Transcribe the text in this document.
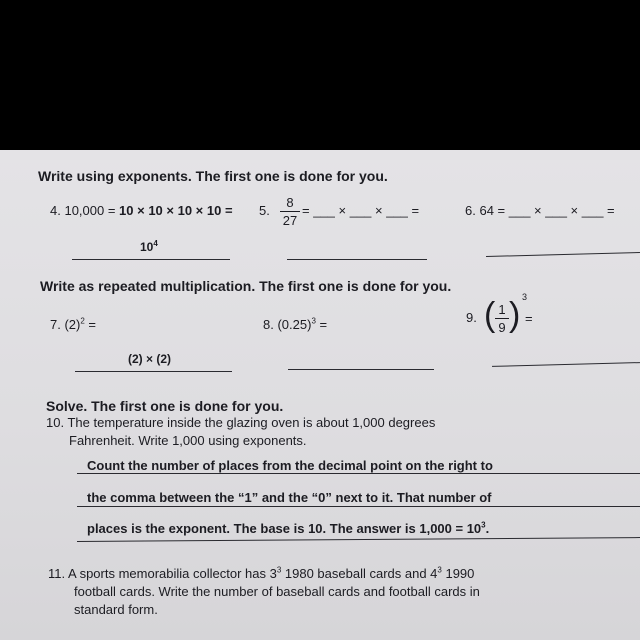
Write using exponents. The first one is done for you.
4. 10,000 = 10 × 10 × 10 × 10 = 5.
8
27
= ___ × ___ × ___ =	6. 64 = ___ × ___ × ___ =
$10^4$
Write as repeated multiplication. The first one is done for you.
7. $(2)^2$ =	8. $(0.25)^3$ =	9. ( 1
9 ) 3
=
(2) × (2)
Solve. The first one is done for you.
10. The temperature inside the glazing oven is about 1,000 degrees
Fahrenheit. Write 1,000 using exponents.
Count the number of places from the decimal point on the right to
the comma between the “1” and the “0” next to it. That number of
places is the exponent. The base is 10. The answer is $1,000 = 10^3$.
11. A sports memorabilia collector has $3^3$ 1980 baseball cards and $4^3$ 1990
football cards. Write the number of baseball cards and football cards in
standard form.
